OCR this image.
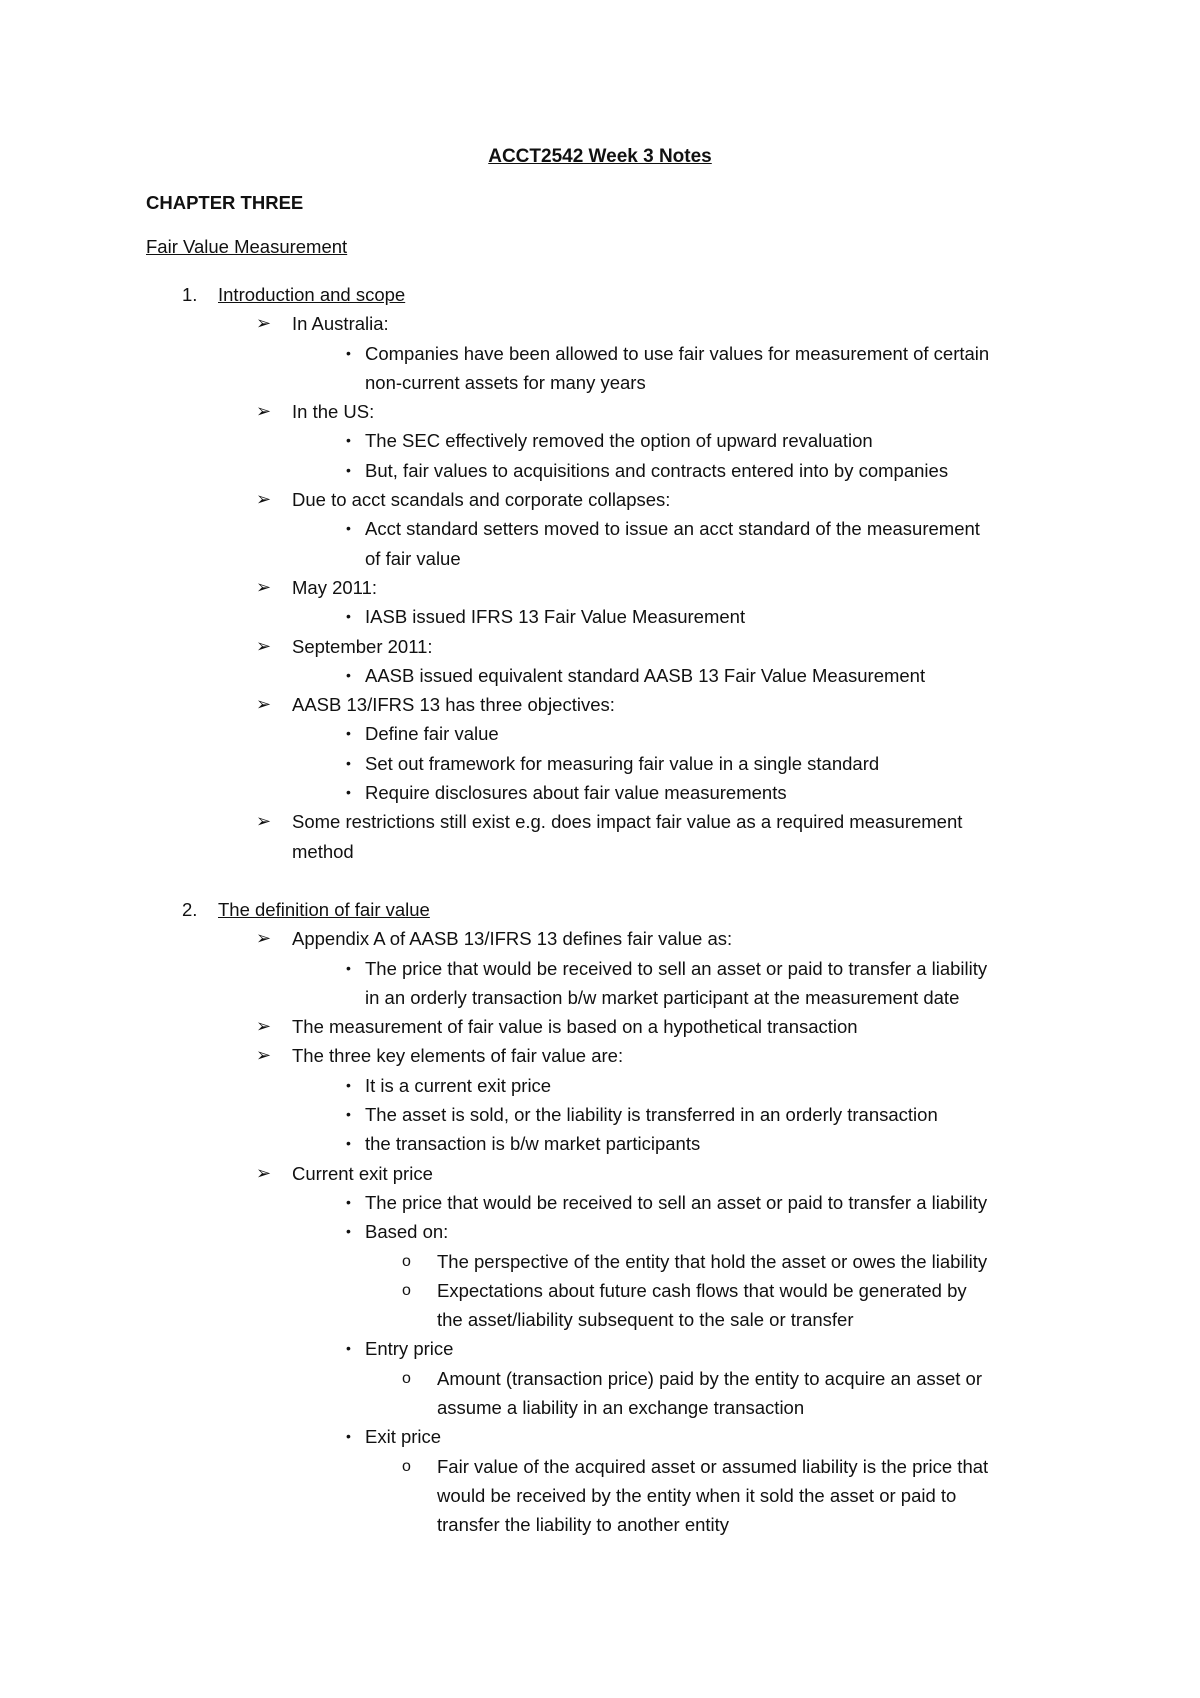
ACCT2542 Week 3 Notes
CHAPTER THREE
Fair Value Measurement
1. Introduction and scope
➢ In Australia:
• Companies have been allowed to use fair values for measurement of certain
non-current assets for many years
➢ In the US:
• The SEC effectively removed the option of upward revaluation
• But, fair values to acquisitions and contracts entered into by companies
➢ Due to acct scandals and corporate collapses:
• Acct standard setters moved to issue an acct standard of the measurement
of fair value
➢ May 2011:
• IASB issued IFRS 13 Fair Value Measurement
➢ September 2011:
• AASB issued equivalent standard AASB 13 Fair Value Measurement
➢ AASB 13/IFRS 13 has three objectives:
• Define fair value
• Set out framework for measuring fair value in a single standard
• Require disclosures about fair value measurements
➢ Some restrictions still exist e.g. does impact fair value as a required measurement
method
2. The definition of fair value
➢ Appendix A of AASB 13/IFRS 13 defines fair value as:
• The price that would be received to sell an asset or paid to transfer a liability
in an orderly transaction b/w market participant at the measurement date
➢ The measurement of fair value is based on a hypothetical transaction
➢ The three key elements of fair value are:
• It is a current exit price
• The asset is sold, or the liability is transferred in an orderly transaction
• the transaction is b/w market participants
➢ Current exit price
• The price that would be received to sell an asset or paid to transfer a liability
• Based on:
o The perspective of the entity that hold the asset or owes the liability
o Expectations about future cash flows that would be generated by
the asset/liability subsequent to the sale or transfer
• Entry price
o Amount (transaction price) paid by the entity to acquire an asset or
assume a liability in an exchange transaction
• Exit price
o Fair value of the acquired asset or assumed liability is the price that
would be received by the entity when it sold the asset or paid to
transfer the liability to another entity
